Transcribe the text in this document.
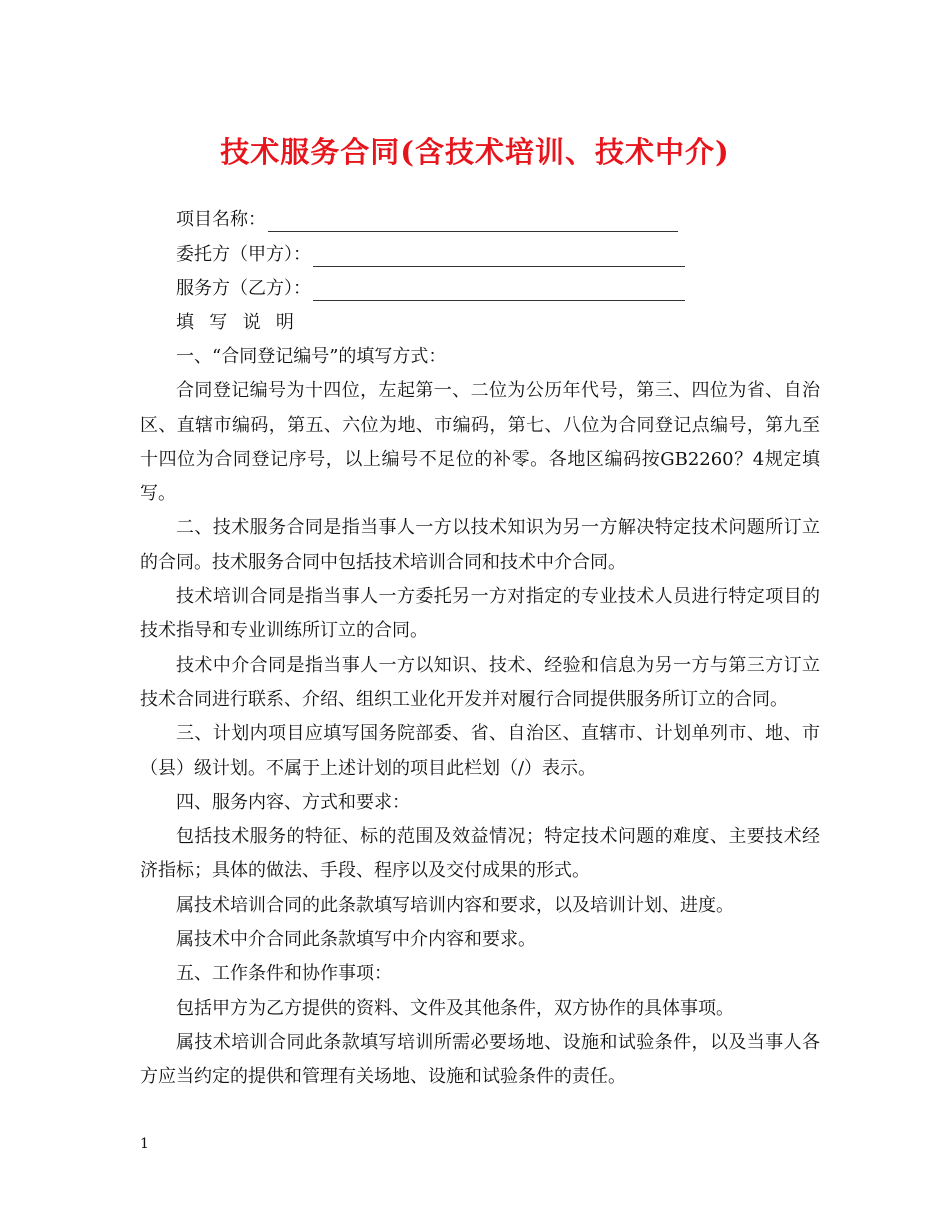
技术服务合同(含技术培训、技术中介)
项目名称：
委托方（甲方）：
服务方（乙方）：
填写说明

一、“合同登记编号”的填写方式：

合同登记编号为十四位，左起第一、二位为公历年代号，第三、四位为省、自治区、直辖市编码，第五、六位为地、市编码，第七、八位为合同登记点编号，第九至十四位为合同登记序号，以上编号不足位的补零。各地区编码按GB2260？4规定填写。

二、技术服务合同是指当事人一方以技术知识为另一方解决特定技术问题所订立的合同。技术服务合同中包括技术培训合同和技术中介合同。

技术培训合同是指当事人一方委托另一方对指定的专业技术人员进行特定项目的技术指导和专业训练所订立的合同。

技术中介合同是指当事人一方以知识、技术、经验和信息为另一方与第三方订立技术合同进行联系、介绍、组织工业化开发并对履行合同提供服务所订立的合同。

三、计划内项目应填写国务院部委、省、自治区、直辖市、计划单列市、地、市（县）级计划。不属于上述计划的项目此栏划（/）表示。

四、服务内容、方式和要求：

包括技术服务的特征、标的范围及效益情况；特定技术问题的难度、主要技术经济指标；具体的做法、手段、程序以及交付成果的形式。

属技术培训合同的此条款填写培训内容和要求，以及培训计划、进度。

属技术中介合同此条款填写中介内容和要求。

五、工作条件和协作事项：

包括甲方为乙方提供的资料、文件及其他条件，双方协作的具体事项。

属技术培训合同此条款填写培训所需必要场地、设施和试验条件，以及当事人各方应当约定的提供和管理有关场地、设施和试验条件的责任。

1
